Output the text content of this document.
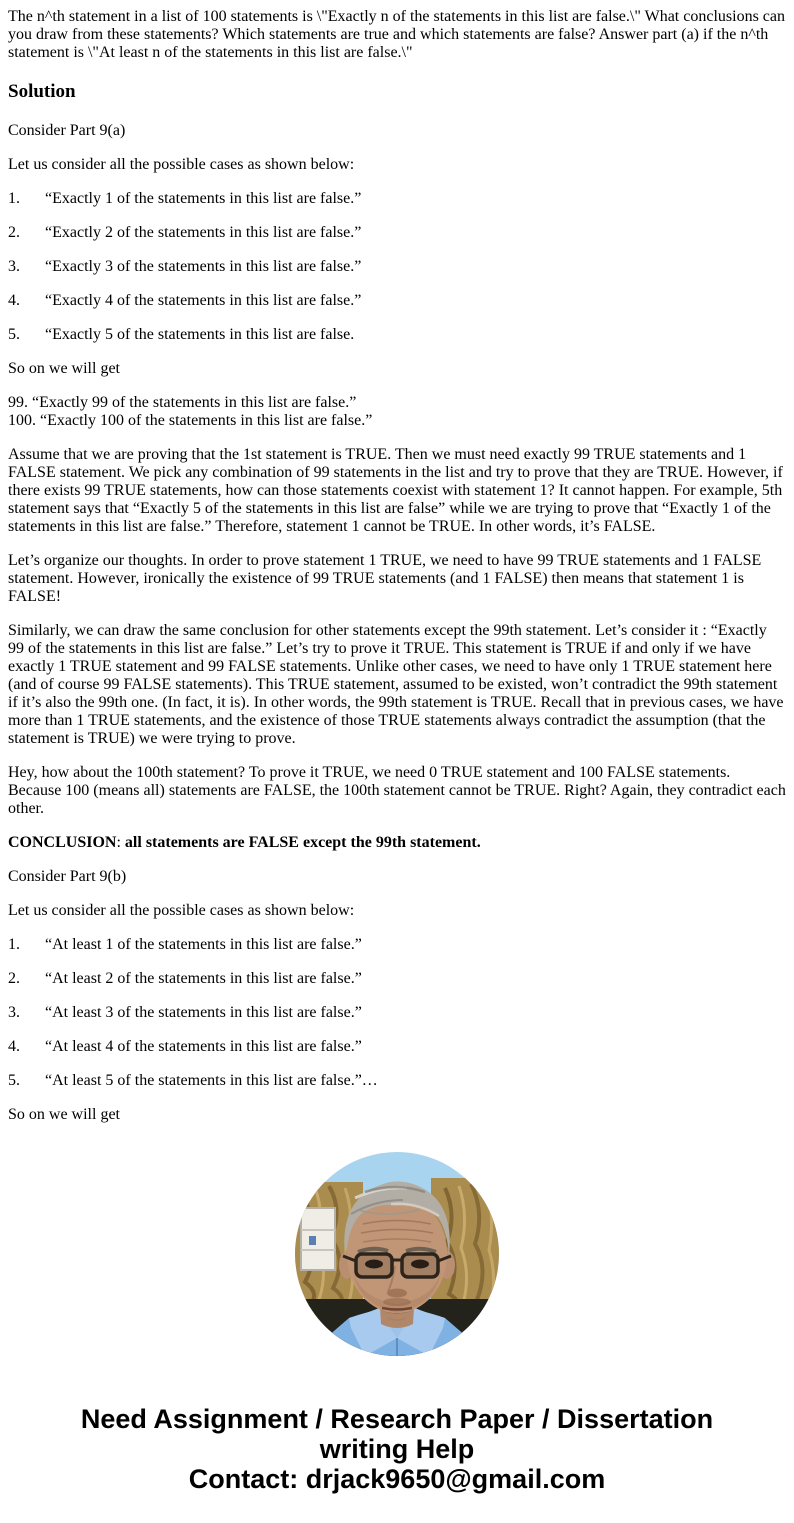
The n^th statement in a list of 100 statements is \"Exactly n of the statements in this list are false.\" What conclusions can you draw from these statements? Which statements are true and which statements are false? Answer part (a) if the n^th statement is \"At least n of the statements in this list are false.\"

Solution

Consider Part 9(a)

Let us consider all the possible cases as shown below:

1. “Exactly 1 of the statements in this list are false.”

2. “Exactly 2 of the statements in this list are false.”

3. “Exactly 3 of the statements in this list are false.”

4. “Exactly 4 of the statements in this list are false.”

5. “Exactly 5 of the statements in this list are false.

So on we will get

99. “Exactly 99 of the statements in this list are false.”
100. “Exactly 100 of the statements in this list are false.”

Assume that we are proving that the 1st statement is TRUE. Then we must need exactly 99 TRUE statements and 1 FALSE statement. We pick any combination of 99 statements in the list and try to prove that they are TRUE. However, if there exists 99 TRUE statements, how can those statements coexist with statement 1? It cannot happen. For example, 5th statement says that “Exactly 5 of the statements in this list are false” while we are trying to prove that “Exactly 1 of the statements in this list are false.” Therefore, statement 1 cannot be TRUE. In other words, it’s FALSE.

Let’s organize our thoughts. In order to prove statement 1 TRUE, we need to have 99 TRUE statements and 1 FALSE statement. However, ironically the existence of 99 TRUE statements (and 1 FALSE) then means that statement 1 is FALSE!

Similarly, we can draw the same conclusion for other statements except the 99th statement. Let’s consider it : “Exactly 99 of the statements in this list are false.” Let’s try to prove it TRUE. This statement is TRUE if and only if we have exactly 1 TRUE statement and 99 FALSE statements. Unlike other cases, we need to have only 1 TRUE statement here (and of course 99 FALSE statements). This TRUE statement, assumed to be existed, won’t contradict the 99th statement if it’s also the 99th one. (In fact, it is). In other words, the 99th statement is TRUE. Recall that in previous cases, we have more than 1 TRUE statements, and the existence of those TRUE statements always contradict the assumption (that the statement is TRUE) we were trying to prove.

Hey, how about the 100th statement? To prove it TRUE, we need 0 TRUE statement and 100 FALSE statements. Because 100 (means all) statements are FALSE, the 100th statement cannot be TRUE. Right? Again, they contradict each other.

CONCLUSION: all statements are FALSE except the 99th statement.

Consider Part 9(b)

Let us consider all the possible cases as shown below:

1. “At least 1 of the statements in this list are false.”

2. “At least 2 of the statements in this list are false.”

3. “At least 3 of the statements in this list are false.”

4. “At least 4 of the statements in this list are false.”

5. “At least 5 of the statements in this list are false.”…

So on we will get

Need Assignment / Research Paper / Dissertation
writing Help
Contact: drjack9650@gmail.com
